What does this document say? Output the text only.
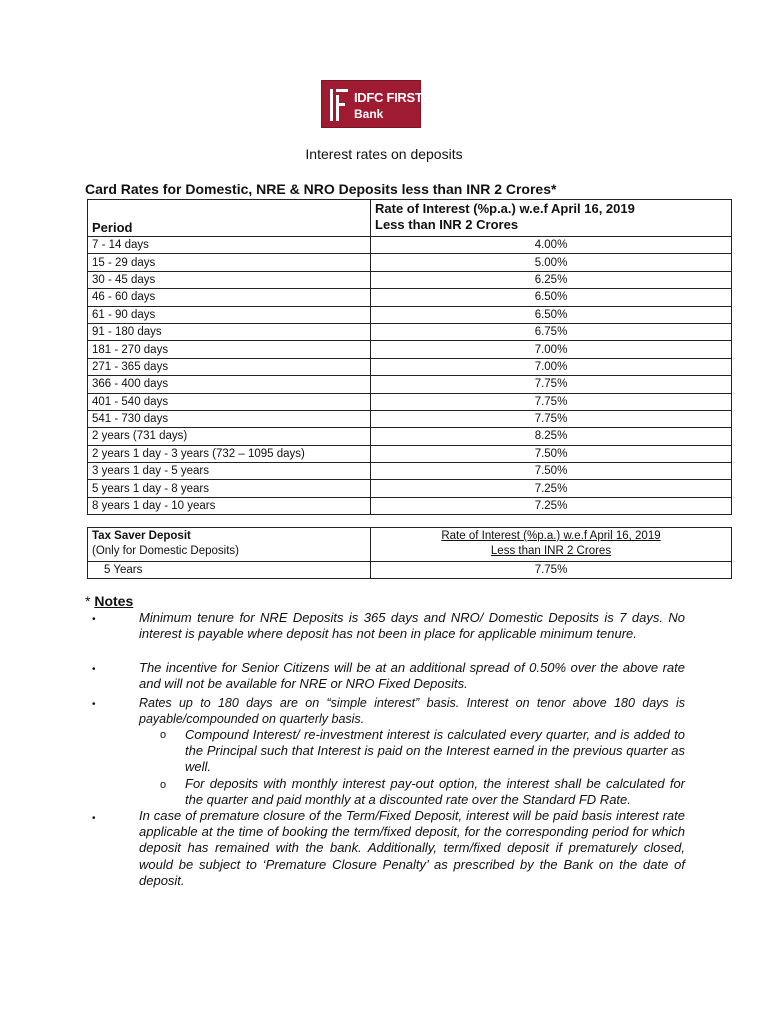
IDFC FIRST
Bank
Interest rates on deposits
Card Rates for Domestic, NRE & NRO Deposits less than INR 2 Crores*
Period	Rate of Interest (%p.a.) w.e.f April 16, 2019
Less than INR 2 Crores
7 - 14 days	4.00%
15 - 29 days	5.00%
30 - 45 days	6.25%
46 - 60 days	6.50%
61 - 90 days	6.50%
91 - 180 days	6.75%
181 - 270 days	7.00%
271 - 365 days	7.00%
366 - 400 days	7.75%
401 - 540 days	7.75%
541 - 730 days	7.75%
2 years (731 days)	8.25%
2 years 1 day - 3 years (732 – 1095 days)	7.50%
3 years 1 day - 5 years	7.50%
5 years 1 day - 8 years	7.25%
8 years 1 day - 10 years	7.25%
Tax Saver Deposit
(Only for Domestic Deposits)	Rate of Interest (%p.a.) w.e.f April 16, 2019
Less than INR 2 Crores
5 Years	7.75%
* Notes
•	Minimum tenure for NRE Deposits is 365 days and NRO/ Domestic Deposits is 7 days. No interest is payable where deposit has not been in place for applicable minimum tenure.
•	The incentive for Senior Citizens will be at an additional spread of 0.50% over the above rate and will not be available for NRE or NRO Fixed Deposits.
•	Rates up to 180 days are on “simple interest” basis. Interest on tenor above 180 days is payable/compounded on quarterly basis.
o Compound Interest/ re-investment interest is calculated every quarter, and is added to the Principal such that Interest is paid on the Interest earned in the previous quarter as well.
o For deposits with monthly interest pay-out option, the interest shall be calculated for the quarter and paid monthly at a discounted rate over the Standard FD Rate.
•	In case of premature closure of the Term/Fixed Deposit, interest will be paid basis interest rate applicable at the time of booking the term/fixed deposit, for the corresponding period for which deposit has remained with the bank. Additionally, term/fixed deposit if prematurely closed, would be subject to ‘Premature Closure Penalty’ as prescribed by the Bank on the date of deposit.
